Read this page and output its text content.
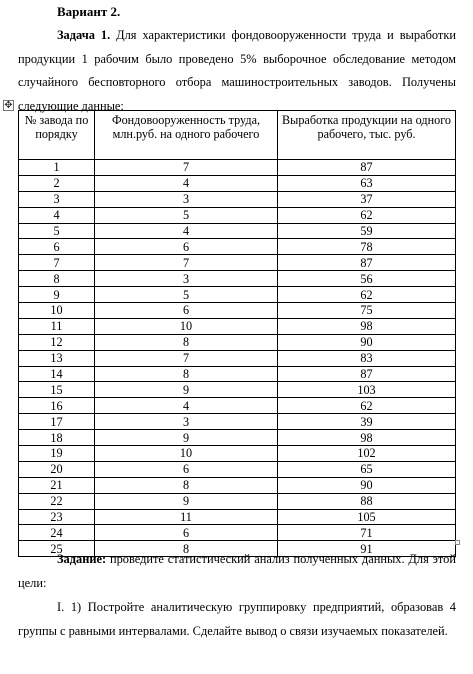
Вариант 2.
Задача 1. Для характеристики фондовооруженности труда и выработки продукции 1 рабочим было проведено 5% выборочное обследование методом случайного бесповторного отбора машиностроительных заводов. Получены следующие данные:
✥
№ завода по порядку	Фондовооруженность труда, млн.руб. на одного рабочего	Выработка продукции на одного рабочего, тыс. руб.
1	7	87
2	4	63
3	3	37
4	5	62
5	4	59
6	6	78
7	7	87
8	3	56
9	5	62
10	6	75
11	10	98
12	8	90
13	7	83
14	8	87
15	9	103
16	4	62
17	3	39
18	9	98
19	10	102
20	6	65
21	8	90
22	9	88
23	11	105
24	6	71
25	8	91
Задание: проведите статистический анализ полученных данных. Для этой цели:
I. 1) Постройте аналитическую группировку предприятий, образовав 4 группы с равными интервалами. Сделайте вывод о связи изучаемых показателей.
